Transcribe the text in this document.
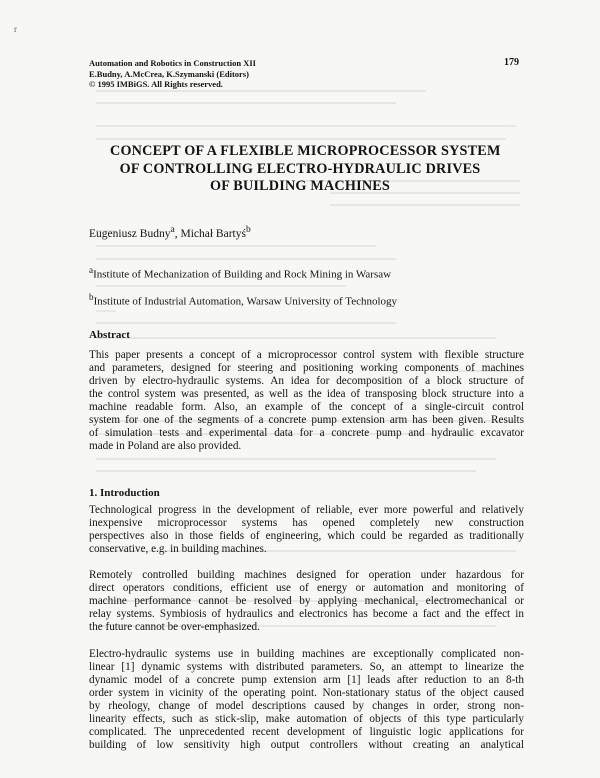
r
Automation and Robotics in Construction XII
E.Budny, A.McCrea, K.Szymanski (Editors)
© 1995 IMBiGS. All Rights reserved.
179
CONCEPT OF A FLEXIBLE MICROPROCESSOR SYSTEM
OF CONTROLLING ELECTRO-HYDRAULIC DRIVES
OF BUILDING MACHINES
Eugeniusz Budny$^a$, Michał Bartyś$^b$
$^a$Institute of Mechanization of Building and Rock Mining in Warsaw
$^b$Institute of Industrial Automation, Warsaw University of Technology
Abstract
This paper presents a concept of a microprocessor control system with flexible structure
and parameters, designed for steering and positioning working components of machines
driven by electro-hydraulic systems. An idea for decomposition of a block structure of
the control system was presented, as well as the idea of transposing block structure into a
machine readable form. Also, an example of the concept of a single-circuit control
system for one of the segments of a concrete pump extension arm has been given. Results
of simulation tests and experimental data for a concrete pump and hydraulic excavator
made in Poland are also provided.
1. Introduction
Technological progress in the development of reliable, ever more powerful and relatively
inexpensive microprocessor systems has opened completely new construction
perspectives also in those fields of engineering, which could be regarded as traditionally
conservative, e.g. in building machines.
Remotely controlled building machines designed for operation under hazardous for
direct operators conditions, efficient use of energy or automation and monitoring of
machine performance cannot be resolved by applying mechanical, electromechanical or
relay systems. Symbiosis of hydraulics and electronics has become a fact and the effect in
the future cannot be over-emphasized.
Electro-hydraulic systems use in building machines are exceptionally complicated non-
linear [1] dynamic systems with distributed parameters. So, an attempt to linearize the
dynamic model of a concrete pump extension arm [1] leads after reduction to an 8-th
order system in vicinity of the operating point. Non-stationary status of the object caused
by rheology, change of model descriptions caused by changes in order, strong non-
linearity effects, such as stick-slip, make automation of objects of this type particularly
complicated. The unprecedented recent development of linguistic logic applications for
building of low sensitivity high output controllers without creating an analytical
